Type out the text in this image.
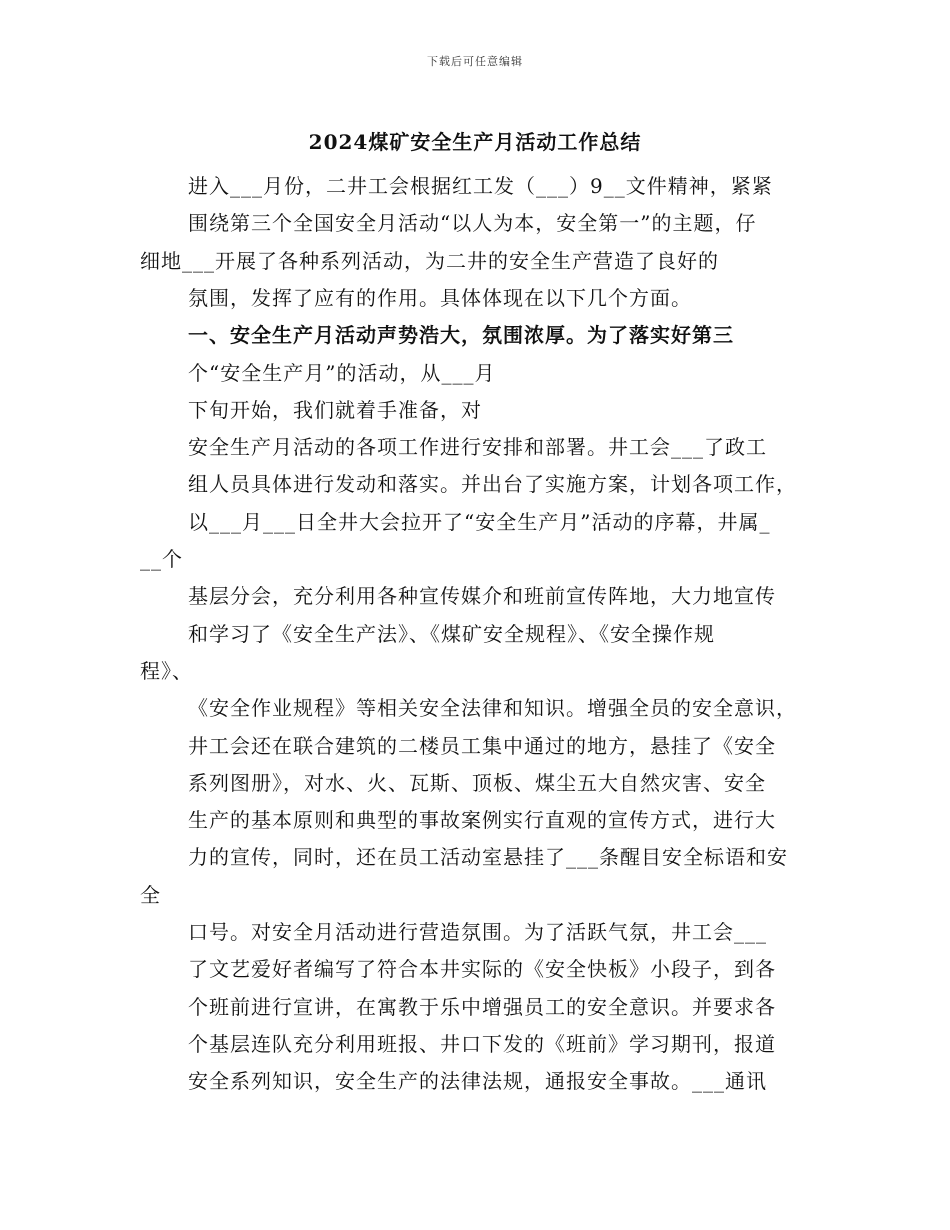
下载后可任意编辑
2024煤矿安全生产月活动工作总结
进入___月份，二井工会根据红工发（___）9__文件精神，紧紧
围绕第三个全国安全月活动“以人为本，安全第一”的主题，仔
细地___开展了各种系列活动，为二井的安全生产营造了良好的
氛围，发挥了应有的作用。具体体现在以下几个方面。
一、安全生产月活动声势浩大，氛围浓厚。为了落实好第三
个“安全生产月”的活动，从___月
下旬开始，我们就着手准备，对
安全生产月活动的各项工作进行安排和部署。井工会___了政工
组人员具体进行发动和落实。并出台了实施方案，计划各项工作，
以___月___日全井大会拉开了“安全生产月”活动的序幕，井属_
__个
基层分会，充分利用各种宣传媒介和班前宣传阵地，大力地宣传
和学习了《安全生产法》、《煤矿安全规程》、《安全操作规
程》、
《安全作业规程》等相关安全法律和知识。增强全员的安全意识，
井工会还在联合建筑的二楼员工集中通过的地方，悬挂了《安全
系列图册》，对水、火、瓦斯、顶板、煤尘五大自然灾害、安全
生产的基本原则和典型的事故案例实行直观的宣传方式，进行大
力的宣传，同时，还在员工活动室悬挂了___条醒目安全标语和安
全
口号。对安全月活动进行营造氛围。为了活跃气氛，井工会___
了文艺爱好者编写了符合本井实际的《安全快板》小段子，到各
个班前进行宣讲，在寓教于乐中增强员工的安全意识。并要求各
个基层连队充分利用班报、井口下发的《班前》学习期刊，报道
安全系列知识，安全生产的法律法规，通报安全事故。___通讯
